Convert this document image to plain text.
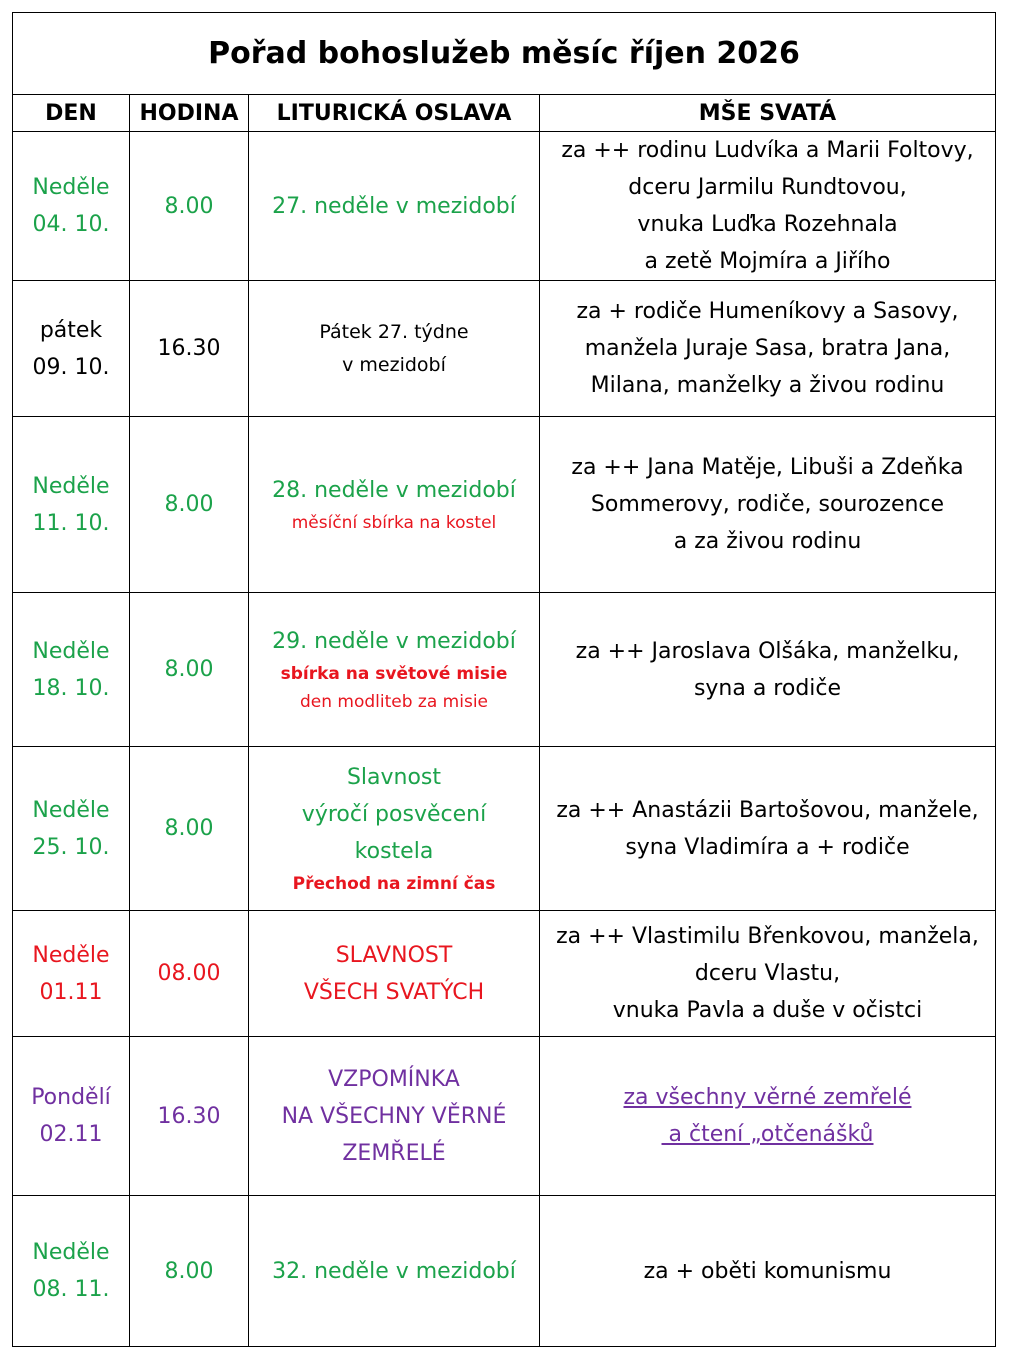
Pořad bohoslužeb měsíc říjen 2026			
DEN	HODINA	LITURICKÁ OSLAVA	MŠE SVATÁ

Neděle
04. 10.	8.00	27. neděle v mezidobí	za ++ rodinu Ludvíka a Marii Foltovy,
dceru Jarmilu Rundtovou,
vnuka Luďka Rozehnala
a zetě Mojmíra a Jiřího

pátek
09. 10.	16.30	Pátek 27. týdne
v mezidobí	za + rodiče Humeníkovy a Sasovy,
manžela Juraje Sasa, bratra Jana,
Milana, manželky a živou rodinu

Neděle
11. 10.	8.00	28. neděle v mezidobí
měsíční sbírka na kostel	za ++ Jana Matěje, Libuši a Zdeňka
Sommerovy, rodiče, sourozence
a za živou rodinu

Neděle
18. 10.	8.00	29. neděle v mezidobí
sbírka na světové misie
den modliteb za misie	za ++ Jaroslava Olšáka, manželku,
syna a rodiče

Neděle
25. 10.	8.00	Slavnost
výročí posvěcení
kostela
Přechod na zimní čas	za ++ Anastázii Bartošovou, manžele,
syna Vladimíra a + rodiče

Neděle
01.11	08.00	SLAVNOST
VŠECH SVATÝCH	za ++ Vlastimilu Břenkovou, manžela,
dceru Vlastu,
vnuka Pavla a duše v očistci

Pondělí
02.11	16.30	VZPOMÍNKA
NA VŠECHNY VĚRNÉ
ZEMŘELÉ	za všechny věrné zemřelé
a čtení „otčenášků

Neděle
08. 11.	8.00	32. neděle v mezidobí	za + oběti komunismu
